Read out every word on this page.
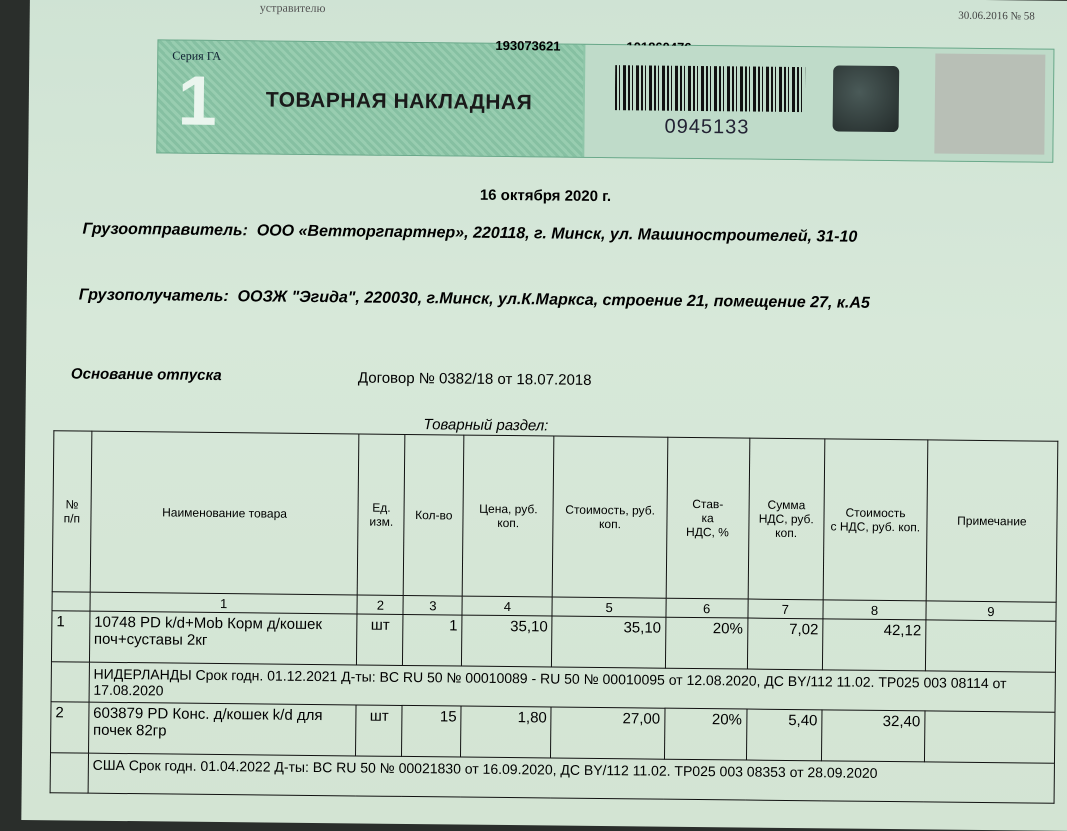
устравителю
30.06.2016 № 58
Серия ГА
1 ТОВАРНАЯ НАКЛАДНАЯ
193073621
0945133
16 октября 2020 г.
Грузоотправитель: ООО «Ветторгпартнер», 220118, г. Минск, ул. Машиностроителей, 31-10
Грузополучатель: ООЗЖ "Эгида", 220030, г.Минск, ул.К.Маркса, строение 21, помещение 27, к.А5
Основание отпуска	Договор № 0382/18 от 18.07.2018
Товарный раздел:
№
п/п	Наименование товара	Ед.
изм.	Кол-во	Цена, руб.
коп.	Стоимость, руб.
коп.	Став-
ка
НДС, %	Сумма
НДС, руб.
коп.	Стоимость
с НДС, руб. коп.	Примечание
	1	2	3	4	5	6	7	8	9
1	10748 PD k/d+Mob Корм д/кошек поч+суставы 2кг	шт	1	35,10	35,10	20%	7,02	42,12	
	НИДЕРЛАНДЫ Срок годн. 01.12.2021 Д-ты: BC RU 50 № 00010089 - RU 50 № 00010095 от 12.08.2020, ДС BY/112 11.02. ТР025 003 08114 от 17.08.2020								
2	603879 PD Конс. д/кошек k/d для почек 82гр	шт	15	1,80	27,00	20%	5,40	32,40	
	США Срок годн. 01.04.2022 Д-ты: BC RU 50 № 00021830 от 16.09.2020, ДС BY/112 11.02. ТР025 003 08353 от 28.09.2020								
